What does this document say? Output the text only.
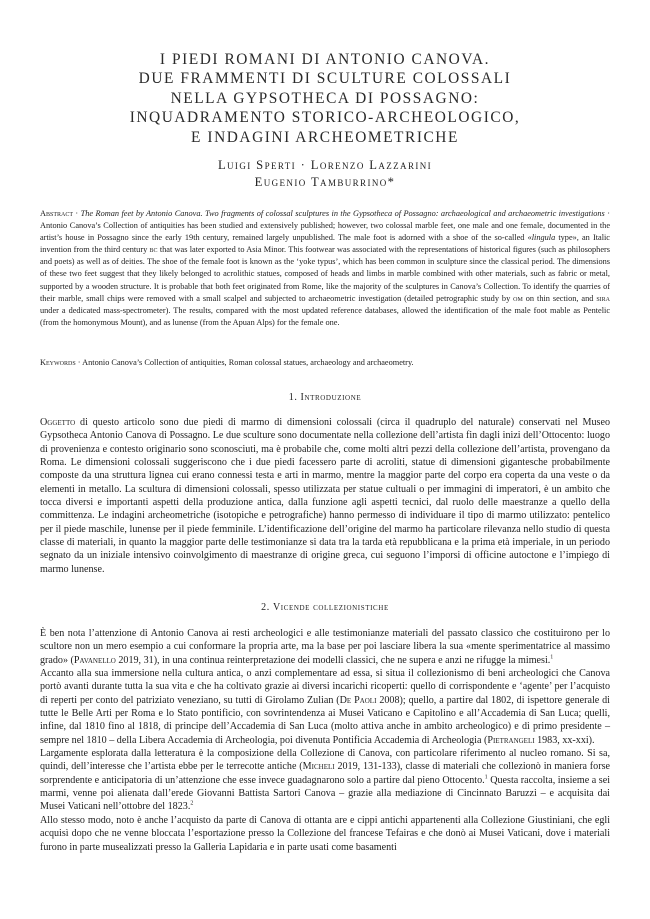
I PIEDI ROMANI DI ANTONIO CANOVA.
DUE FRAMMENTI DI SCULTURE COLOSSALI
NELLA GYPSOTHECA DI POSSAGNO:
INQUADRAMENTO STORICO-ARCHEOLOGICO,
E INDAGINI ARCHEOMETRICHE
Luigi Sperti · Lorenzo Lazzarini
Eugenio Tamburrino*

Abstract · The Roman feet by Antonio Canova. Two fragments of colossal sculptures in the Gypsotheca of Possagno: archaeological and archaeometric investigations · Antonio Canova’s Collection of antiquities has been studied and extensively published; however, two colossal marble feet, one male and one female, documented in the artist’s house in Possagno since the early 19th century, remained largely unpublished. The male foot is adorned with a shoe of the so-called «lingula type», an Italic invention from the third century bc that was later exported to Asia Minor. This footwear was associated with the representations of historical figures (such as philosophers and poets) as well as of deities. The shoe of the female foot is known as the ‘yoke typus’, which has been common in sculpture since the classical period. The dimensions of these two feet suggest that they likely belonged to acrolithic statues, composed of heads and limbs in marble combined with other materials, such as fabric or metal, supported by a wooden structure. It is probable that both feet originated from Rome, like the majority of the sculptures in Canova’s Collection. To identify the quarries of their marble, small chips were removed with a small scalpel and subjected to archaeometric investigation (detailed petrographic study by om on thin section, and sira under a dedicated mass-spectrometer). The results, compared with the most updated reference databases, allowed the identification of the male foot mable as Pentelic (from the homonymous Mount), and as lunense (from the Apuan Alps) for the female one.

Keywords · Antonio Canova’s Collection of antiquities, Roman colossal statues, archaeology and archaeometry.
1. Introduzione

Oggetto di questo articolo sono due piedi di marmo di dimensioni colossali (circa il quadruplo del naturale) conservati nel Museo Gypsotheca Antonio Canova di Possagno. Le due sculture sono documentate nella collezione dell’artista fin dagli inizi dell’Ottocento: luogo di provenienza e contesto originario sono sconosciuti, ma è probabile che, come molti altri pezzi della collezione dell’artista, provengano da Roma. Le dimensioni colossali suggeriscono che i due piedi facessero parte di acroliti, statue di dimensioni gigantesche probabilmente composte da una struttura lignea cui erano connessi testa e arti in marmo, mentre la maggior parte del corpo era coperta da una veste o da elementi in metallo. La scultura di dimensioni colossali, spesso utilizzata per statue cultuali o per immagini di imperatori, è un ambito che tocca diversi e importanti aspetti della produzione antica, dalla funzione agli aspetti tecnici, dal ruolo delle maestranze a quello della committenza. Le indagini archeometriche (isotopiche e petrografiche) hanno permesso di individuare il tipo di marmo utilizzato: pentelico per il piede maschile, lunense per il piede femminile. L’identificazione dell’origine del marmo ha particolare rilevanza nello studio di questa classe di materiali, in quanto la maggior parte delle testimonianze si data tra la tarda età repubblicana e la prima età imperiale, in un periodo segnato da un iniziale intensivo coinvolgimento di maestranze di origine greca, cui seguono l’imporsi di officine autoctone e l’impiego di marmo lunense.

2. Vicende collezionistiche

È ben nota l’attenzione di Antonio Canova ai resti archeologici e alle testimonianze materiali del passato classico che costituirono per lo scultore non un mero esempio a cui conformare la propria arte, ma la base per poi lasciare libera la sua «mente sperimentatrice al massimo grado» (Pavanello 2019, 31), in una continua reinterpretazione dei modelli classici, che ne supera e anzi ne rifugge la mimesi.$^1$

Accanto alla sua immersione nella cultura antica, o anzi complementare ad essa, si situa il collezionismo di beni archeologici che Canova portò avanti durante tutta la sua vita e che ha coltivato grazie ai diversi incarichi ricoperti: quello di corrispondente e ‘agente’ per l’acquisto di reperti per conto del patriziato veneziano, su tutti di Girolamo Zulian (De Paoli 2008); quello, a partire dal 1802, di ispettore generale di tutte le Belle Arti per Roma e lo Stato pontificio, con sovrintendenza ai Musei Vaticano e Capitolino e all’Accademia di San Luca; quelli, infine, dal 1810 fino al 1818, di principe dell’Accademia di San Luca (molto attiva anche in ambito archeologico) e di primo presidente – sempre nel 1810 – della Libera Accademia di Archeologia, poi divenuta Pontificia Accademia di Archeologia (Pietrangeli 1983, xx-xxi).

Largamente esplorata dalla letteratura è la composizione della Collezione di Canova, con particolare riferimento al nucleo romano. Si sa, quindi, dell’interesse che l’artista ebbe per le terrecotte antiche (Micheli 2019, 131-133), classe di materiali che collezionò in maniera forse sorprendente e anticipatoria di un’attenzione che esse invece guadagnarono solo a partire dal pieno Ottocento.$^1$ Questa raccolta, insieme a sei marmi, venne poi alienata dall’erede Giovanni Battista Sartori Canova – grazie alla mediazione di Cincinnato Baruzzi – e acquisita dai Musei Vaticani nell’ottobre del 1823.$^2$

Allo stesso modo, noto è anche l’acquisto da parte di Canova di ottanta are e cippi antichi appartenenti alla Collezione Giustiniani, che egli acquisì dopo che ne venne bloccata l’esportazione presso la Collezione del francese Tefairas e che donò ai Musei Vaticani, dove i materiali furono in parte musealizzati presso la Galleria Lapidaria e in parte usati come basamenti
